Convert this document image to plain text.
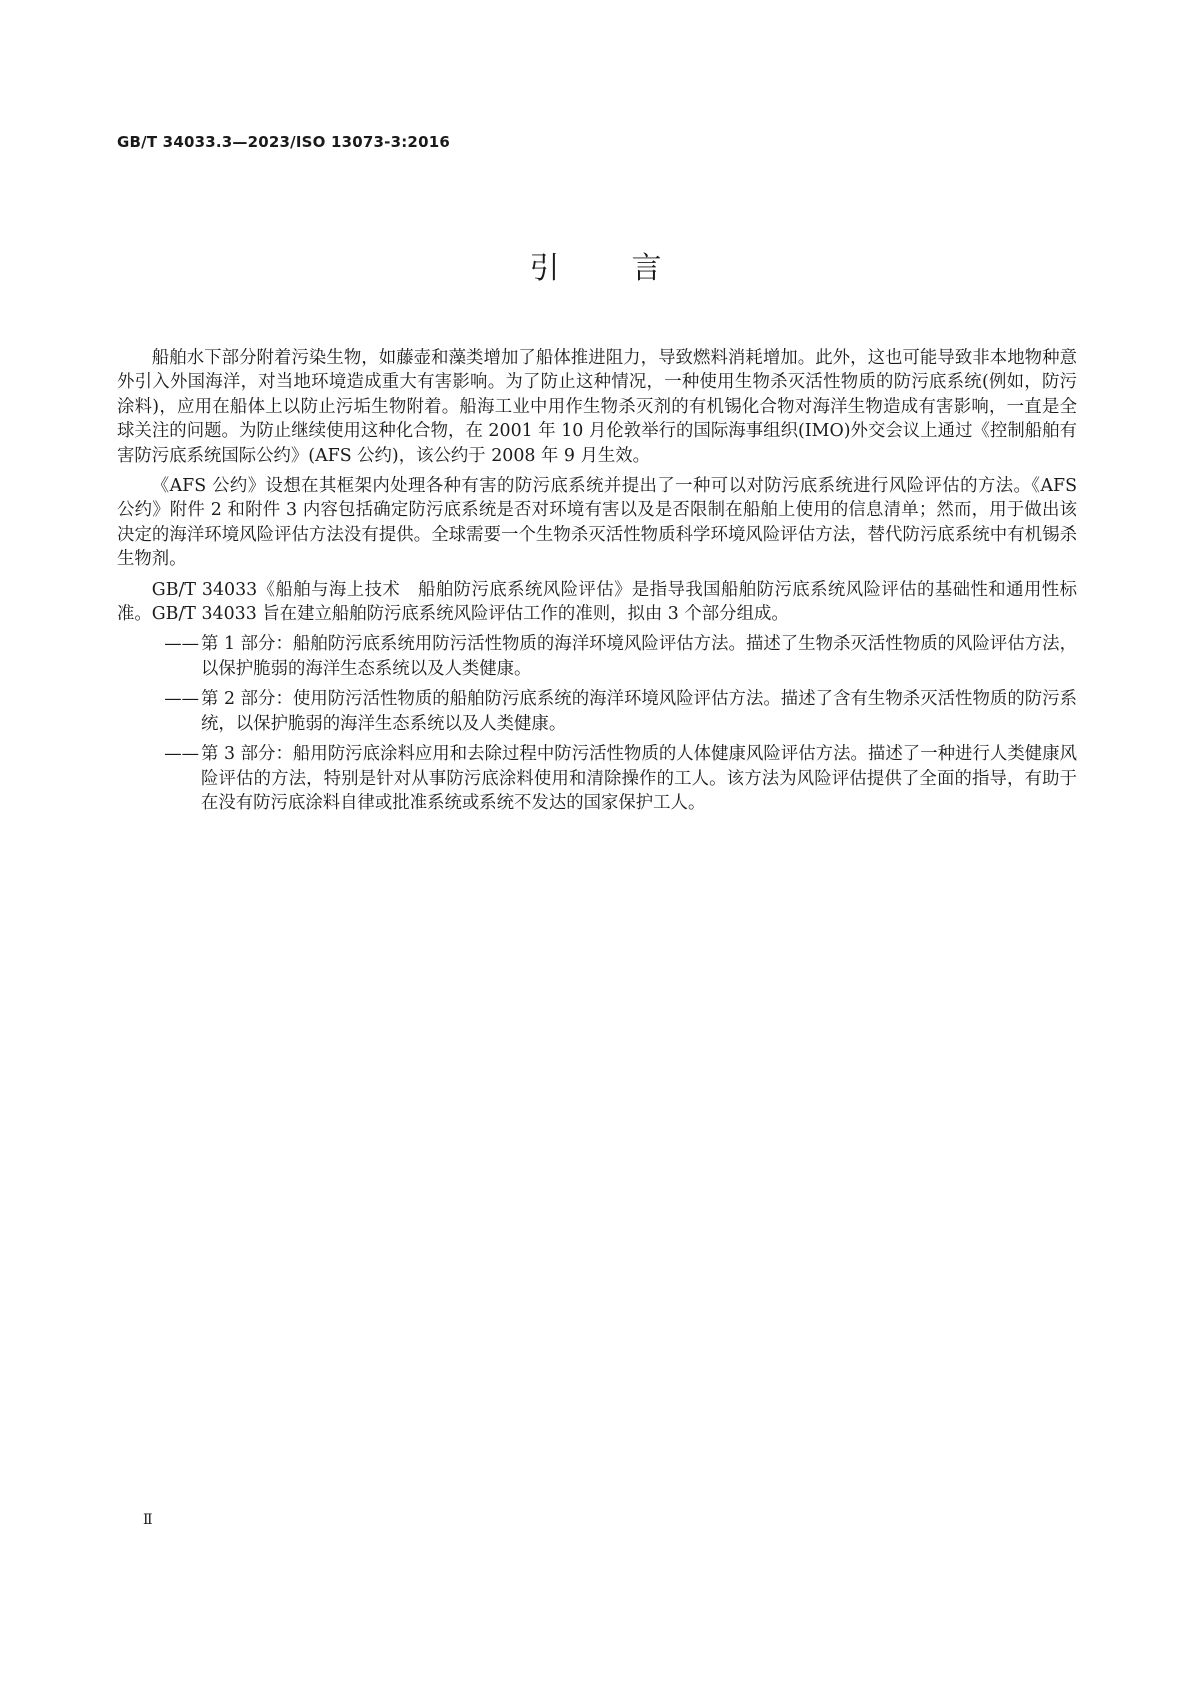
GB/T 34033.3—2023/ISO 13073-3:2016
引言

船舶水下部分附着污染生物，如藤壶和藻类增加了船体推进阻力，导致燃料消耗增加。此外，这也可能导致非本地物种意外引入外国海洋，对当地环境造成重大有害影响。为了防止这种情况，一种使用生物杀灭活性物质的防污底系统(例如，防污涂料)，应用在船体上以防止污垢生物附着。船海工业中用作生物杀灭剂的有机锡化合物对海洋生物造成有害影响，一直是全球关注的问题。为防止继续使用这种化合物，在 2001 年 10 月伦敦举行的国际海事组织(IMO)外交会议上通过《控制船舶有害防污底系统国际公约》(AFS 公约)，该公约于 2008 年 9 月生效。

《AFS 公约》设想在其框架内处理各种有害的防污底系统并提出了一种可以对防污底系统进行风险评估的方法。《AFS 公约》附件 2 和附件 3 内容包括确定防污底系统是否对环境有害以及是否限制在船舶上使用的信息清单；然而，用于做出该决定的海洋环境风险评估方法没有提供。全球需要一个生物杀灭活性物质科学环境风险评估方法，替代防污底系统中有机锡杀生物剂。

GB/T 34033《船舶与海上技术　船舶防污底系统风险评估》是指导我国船舶防污底系统风险评估的基础性和通用性标准。GB/T 34033 旨在建立船舶防污底系统风险评估工作的准则，拟由 3 个部分组成。

—— 第 1 部分：船舶防污底系统用防污活性物质的海洋环境风险评估方法。描述了生物杀灭活性物质的风险评估方法，以保护脆弱的海洋生态系统以及人类健康。
—— 第 2 部分：使用防污活性物质的船舶防污底系统的海洋环境风险评估方法。描述了含有生物杀灭活性物质的防污系统，以保护脆弱的海洋生态系统以及人类健康。
—— 第 3 部分：船用防污底涂料应用和去除过程中防污活性物质的人体健康风险评估方法。描述了一种进行人类健康风险评估的方法，特别是针对从事防污底涂料使用和清除操作的工人。该方法为风险评估提供了全面的指导，有助于在没有防污底涂料自律或批准系统或系统不发达的国家保护工人。
Ⅱ
